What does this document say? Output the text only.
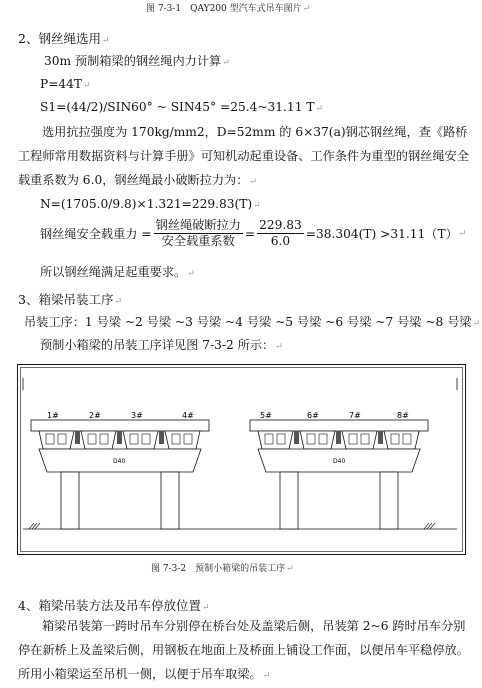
图 7-3-1　QAY200 型汽车式吊车图片↵
2、钢丝绳选用↵
30m 预制箱梁的钢丝绳内力计算↵
P=44T↵
S1=(44/2)/SIN60° ~ SIN45° =25.4~31.11 T↵
选用抗拉强度为 170kg/mm2，D=52mm 的 6×37(a)钢芯钢丝绳，查《路桥工程师常用数据资料与计算手册》可知机动起重设备、工作条件为重型的钢丝绳安全载重系数为 6.0，钢丝绳最小破断拉力为：↵
N=(1705.0/9.8)×1.321=229.83(T)↵
钢丝绳安全载重力 = $\frac{\text{钢丝绳破断拉力}}{\text{安全载重系数}} = \frac{229.83}{6.0} =38.304(T) >31.11(T)$ ↵
所以钢丝绳满足起重要求。↵
3、箱梁吊装工序↵
吊装工序：1 号梁 ~2 号梁 ~3 号梁 ~4 号梁 ~5 号梁 ~6 号梁 ~7 号梁 ~8 号梁↵
预制小箱梁的吊装工序详见图 7-3-2 所示：↵
1#	2#	3#	4#	5#	6#	7#	8#
D40	D40
图 7-3-2　预制小箱梁的吊装工序↵
4、箱梁吊装方法及吊车停放位置↵
箱梁吊装第一跨时吊车分别停在桥台处及盖梁后侧，吊装第 2~6 跨时吊车分别停在新桥上及盖梁后侧，用钢板在地面上及桥面上铺设工作面，以便吊车平稳停放。所用小箱梁运至吊机一侧，以便于吊车取梁。↵
